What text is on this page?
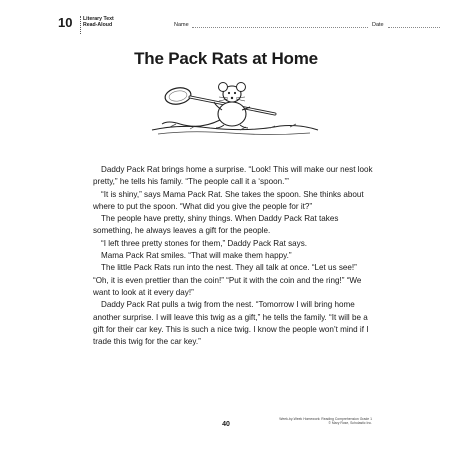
10 Literary Text
Read-Aloud	Name	Date
The Pack Rats at Home

Daddy Pack Rat brings home a surprise. “Look! This will make our nest look pretty,” he tells his family. “The people call it a ‘spoon.’”

“It is shiny,” says Mama Pack Rat. She takes the spoon. She thinks about where to put the spoon. “What did you give the people for it?”

The people have pretty, shiny things. When Daddy Pack Rat takes something, he always leaves a gift for the people.

“I left three pretty stones for them,” Daddy Pack Rat says.

Mama Pack Rat smiles. “That will make them happy.”

The little Pack Rats run into the nest. They all talk at once. “Let us see!” “Oh, it is even prettier than the coin!” “Put it with the coin and the ring!” “We want to look at it every day!”

Daddy Pack Rat pulls a twig from the nest. “Tomorrow I will bring home another surprise. I will leave this twig as a gift,” he tells the family. “It will be a gift for their car key. This is such a nice twig. I know the people won’t mind if I trade this twig for the car key.”

40
Week-by-Week Homework: Reading Comprehension Grade 1
© Mary Rose, Scholastic Inc.
